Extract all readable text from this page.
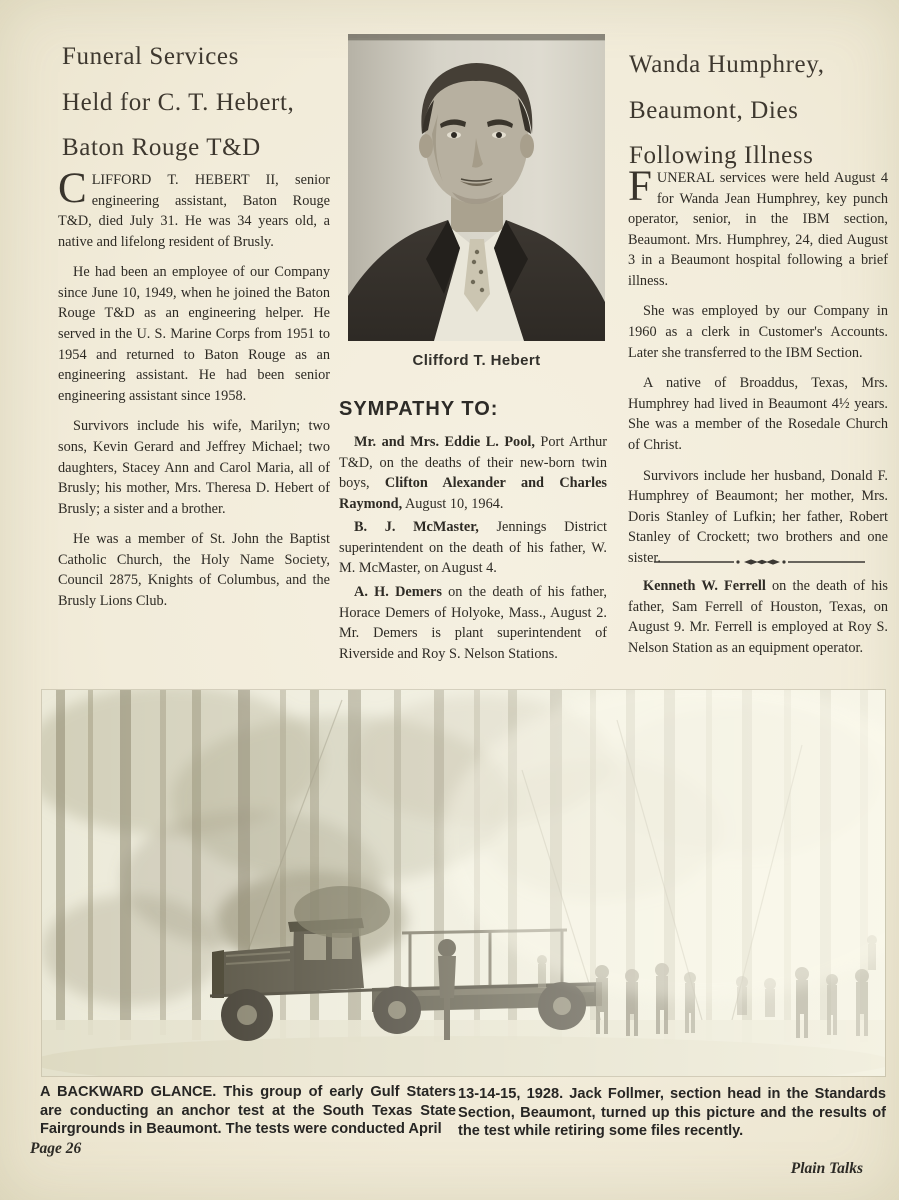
Funeral Services
Held for C. T. Hebert,
Baton Rouge T&D

CLIFFORD T. HEBERT II, senior engineering assistant, Baton Rouge T&D, died July 31. He was 34 years old, a native and lifelong resident of Brusly.

He had been an employee of our Company since June 10, 1949, when he joined the Baton Rouge T&D as an engineering helper. He served in the U. S. Marine Corps from 1951 to 1954 and returned to Baton Rouge as an engineering assistant. He had been senior engineering assistant since 1958.

Survivors include his wife, Marilyn; two sons, Kevin Gerard and Jeffrey Michael; two daughters, Stacey Ann and Carol Maria, all of Brusly; his mother, Mrs. Theresa D. Hebert of Brusly; a sister and a brother.

He was a member of St. John the Baptist Catholic Church, the Holy Name Society, Council 2875, Knights of Columbus, and the Brusly Lions Club.

Clifford T. Hebert
SYMPATHY TO:

Mr. and Mrs. Eddie L. Pool, Port Arthur T&D, on the deaths of their new-born twin boys, Clifton Alexander and Charles Raymond, August 10, 1964.

B. J. McMaster, Jennings District superintendent on the death of his father, W. M. McMaster, on August 4.

A. H. Demers on the death of his father, Horace Demers of Holyoke, Mass., August 2. Mr. Demers is plant superintendent of Riverside and Roy S. Nelson Stations.

Wanda Humphrey,
Beaumont, Dies
Following Illness

FUNERAL services were held August 4 for Wanda Jean Humphrey, key punch operator, senior, in the IBM section, Beaumont. Mrs. Humphrey, 24, died August 3 in a Beaumont hospital following a brief illness.

She was employed by our Company in 1960 as a clerk in Customer's Accounts. Later she transferred to the IBM Section.

A native of Broaddus, Texas, Mrs. Humphrey had lived in Beaumont 4½ years. She was a member of the Rosedale Church of Christ.

Survivors include her husband, Donald F. Humphrey of Beaumont; her mother, Mrs. Doris Stanley of Lufkin; her father, Robert Stanley of Crockett; two brothers and one sister.

Kenneth W. Ferrell on the death of his father, Sam Ferrell of Houston, Texas, on August 9. Mr. Ferrell is employed at Roy S. Nelson Station as an equipment operator.

A BACKWARD GLANCE. This group of early Gulf Staters are conducting an anchor test at the South Texas State Fairgrounds in Beaumont. The tests were conducted April
13-14-15, 1928. Jack Follmer, section head in the Standards Section, Beaumont, turned up this picture and the results of the test while retiring some files recently.
Page 26
Plain Talks
